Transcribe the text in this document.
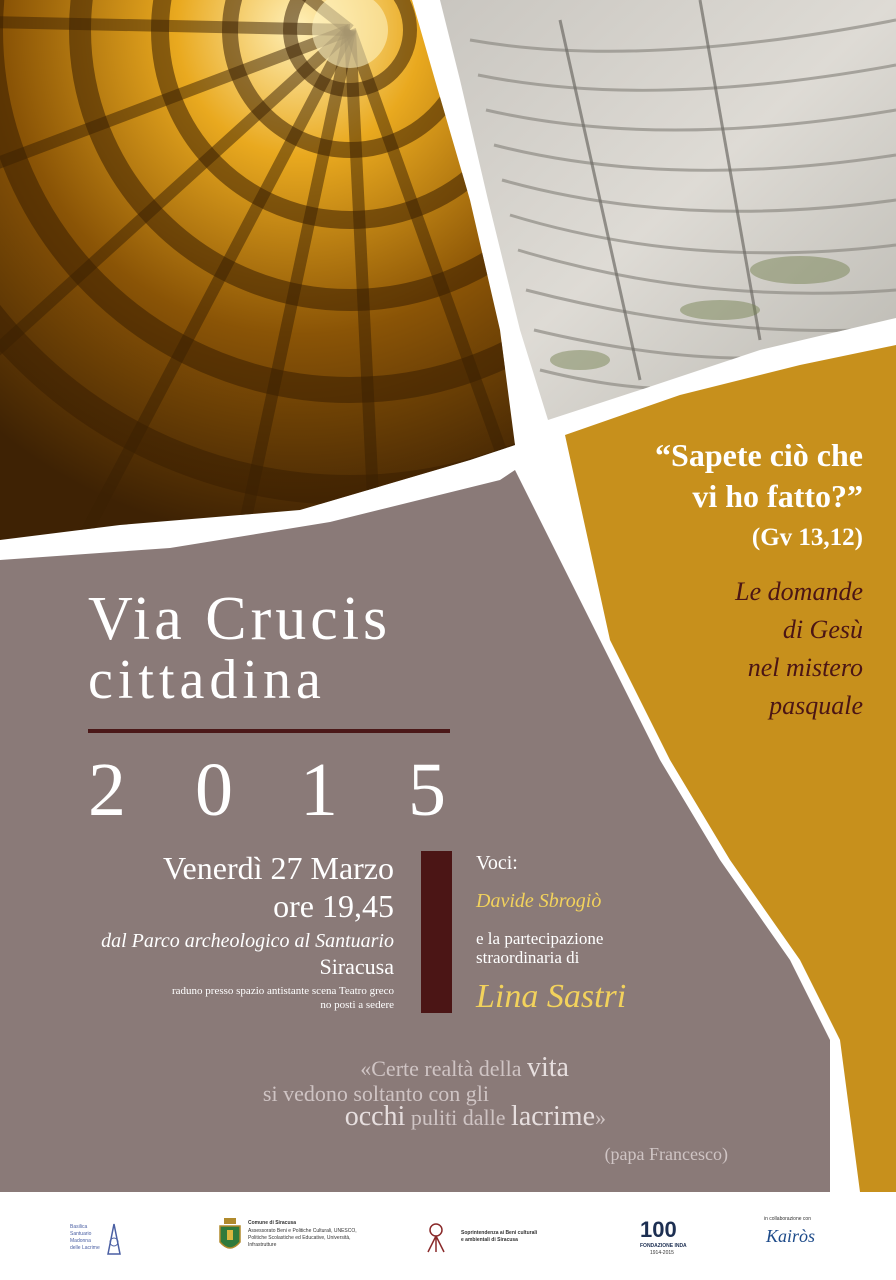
Via Crucis
cittadina
2 0 1 5
Venerdì 27 Marzo
ore 19,45
dal Parco archeologico al Santuario
Siracusa
raduno presso spazio antistante scena Teatro greco
no posti a sedere
Voci:
Davide Sbrogiò
e la partecipazione
straordinaria di
Lina Sastri
“Sapete ciò che
vi ho fatto?”
(Gv 13,12)
Le domande
di Gesù
nel mistero
pasquale
«Certe realtà della vita
si vedono soltanto con gli
occhi puliti dalle lacrime»
(papa Francesco)
Basilica
Santuario
Madonna
delle Lacrime
Comune di Siracusa
Assessorato Beni e Politiche Culturali, UNESCO,
Politiche Scolastiche ed Educative, Università,
Infrastrutture
Soprintendenza ai Beni culturali
e ambientali di Siracusa	100
FONDAZIONE INDA
1914-2015
in collaborazione con
Kairòs
